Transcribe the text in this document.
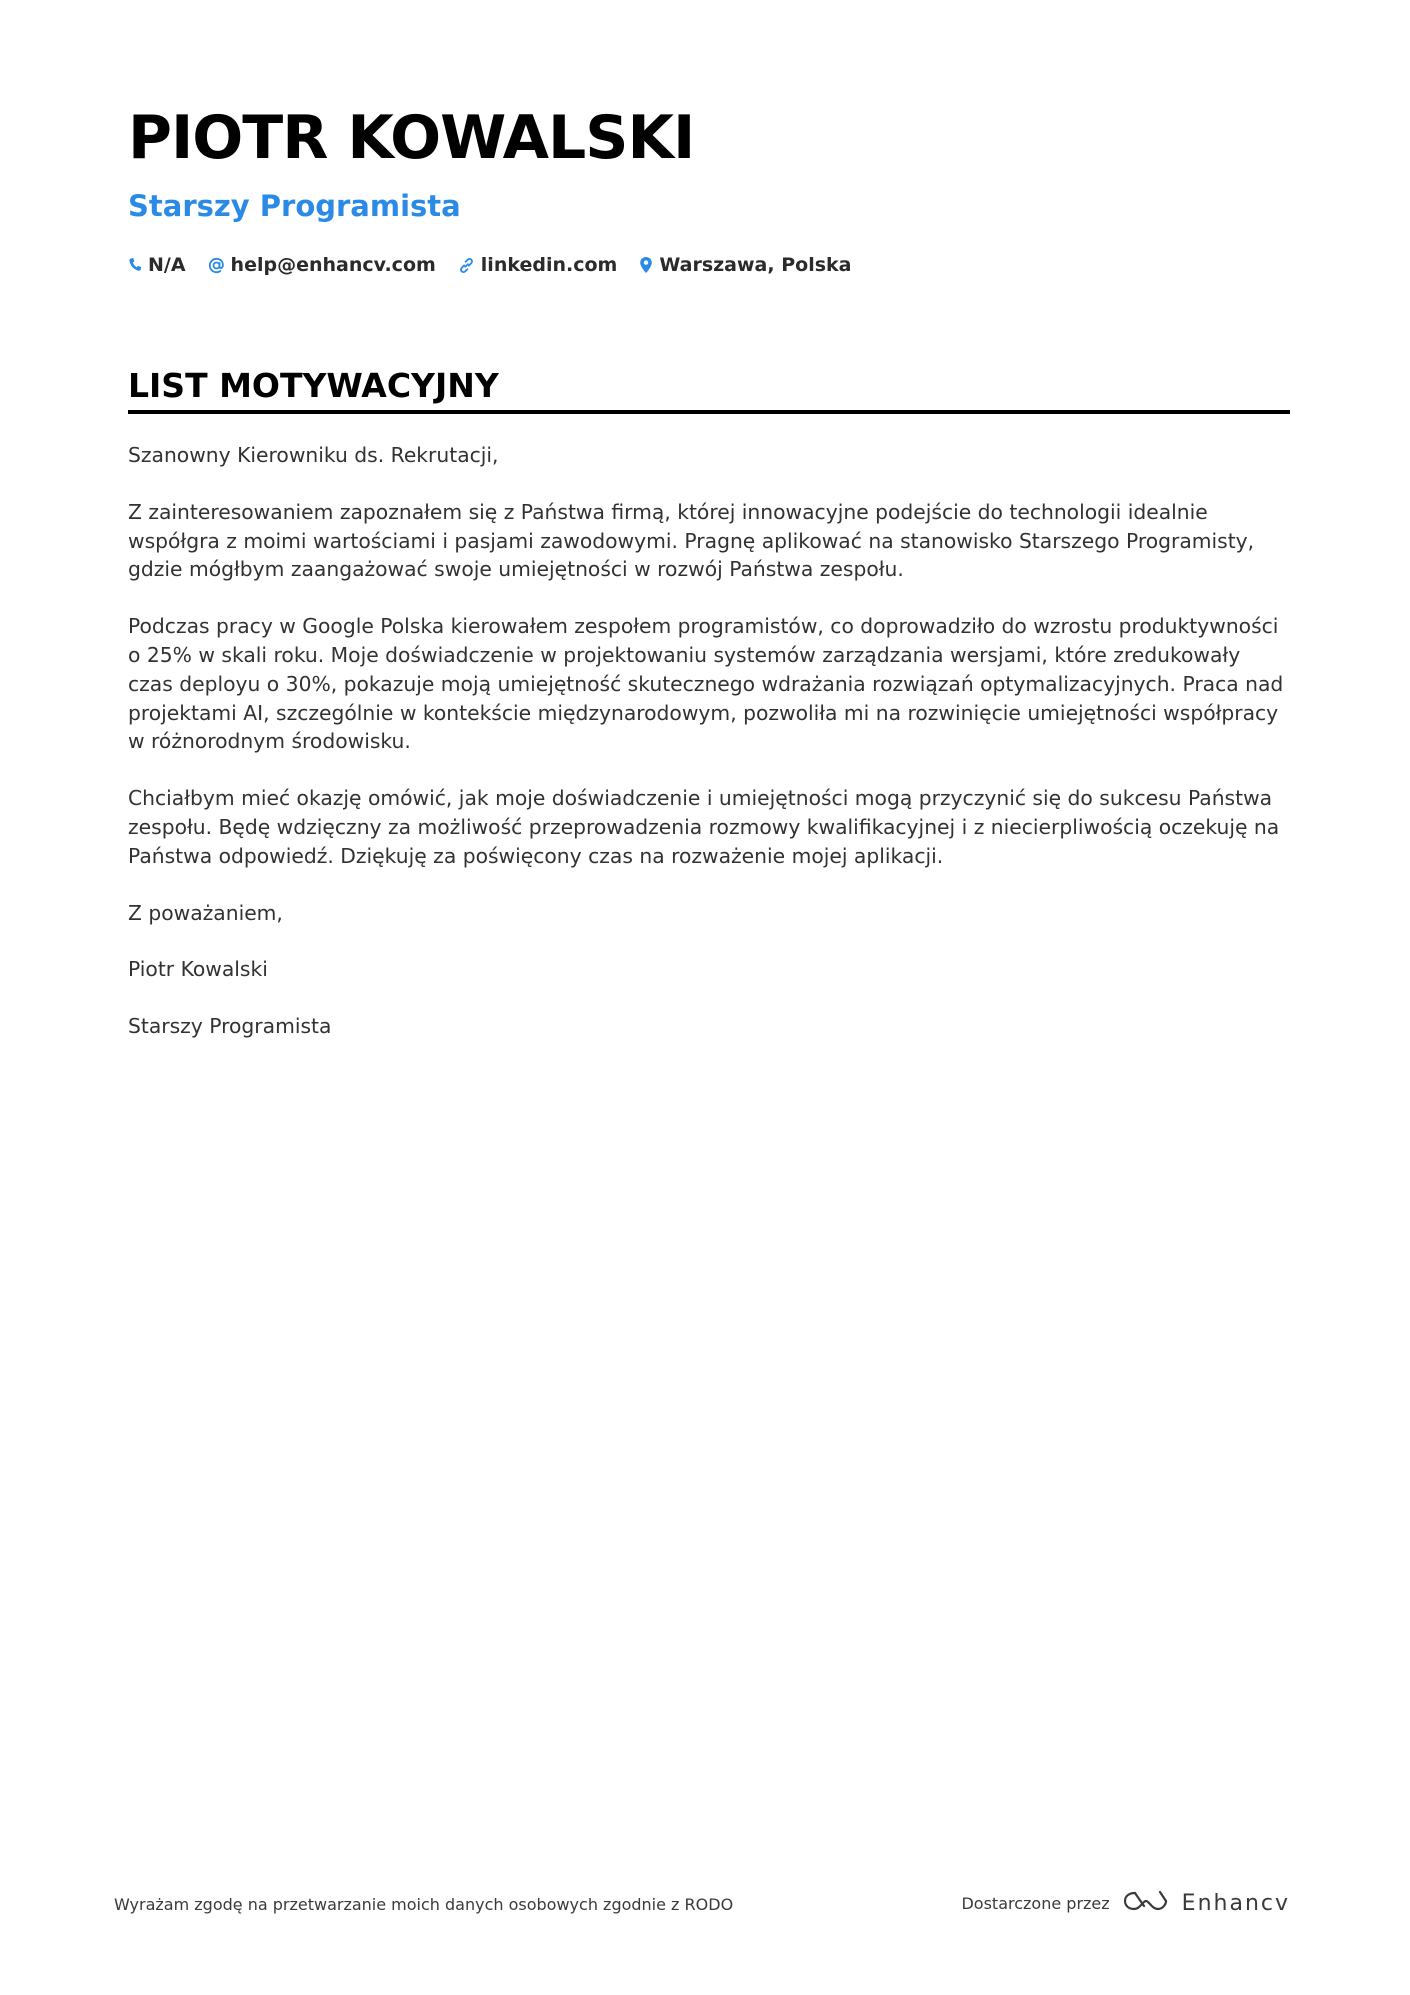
PIOTR KOWALSKI
Starszy Programista
N/A help@enhancv.com linkedin.com Warszawa, Polska
LIST MOTYWACYJNY

Szanowny Kierowniku ds. Rekrutacji,

Z zainteresowaniem zapoznałem się z Państwa firmą, której innowacyjne podejście do technologii idealnie współgra z moimi wartościami i pasjami zawodowymi. Pragnę aplikować na stanowisko Starszego Programisty, gdzie mógłbym zaangażować swoje umiejętności w rozwój Państwa zespołu.

Podczas pracy w Google Polska kierowałem zespołem programistów, co doprowadziło do wzrostu produktywności o 25% w skali roku. Moje doświadczenie w projektowaniu systemów zarządzania wersjami, które zredukowały czas deployu o 30%, pokazuje moją umiejętność skutecznego wdrażania rozwiązań optymalizacyjnych. Praca nad projektami AI, szczególnie w kontekście międzynarodowym, pozwoliła mi na rozwinięcie umiejętności współpracy w różnorodnym środowisku.

Chciałbym mieć okazję omówić, jak moje doświadczenie i umiejętności mogą przyczynić się do sukcesu Państwa zespołu. Będę wdzięczny za możliwość przeprowadzenia rozmowy kwalifikacyjnej i z niecierpliwością oczekuję na Państwa odpowiedź. Dziękuję za poświęcony czas na rozważenie mojej aplikacji.

Z poważaniem,

Piotr Kowalski

Starszy Programista

Wyrażam zgodę na przetwarzanie moich danych osobowych zgodnie z RODO	Dostarczone przez	Enhancv
